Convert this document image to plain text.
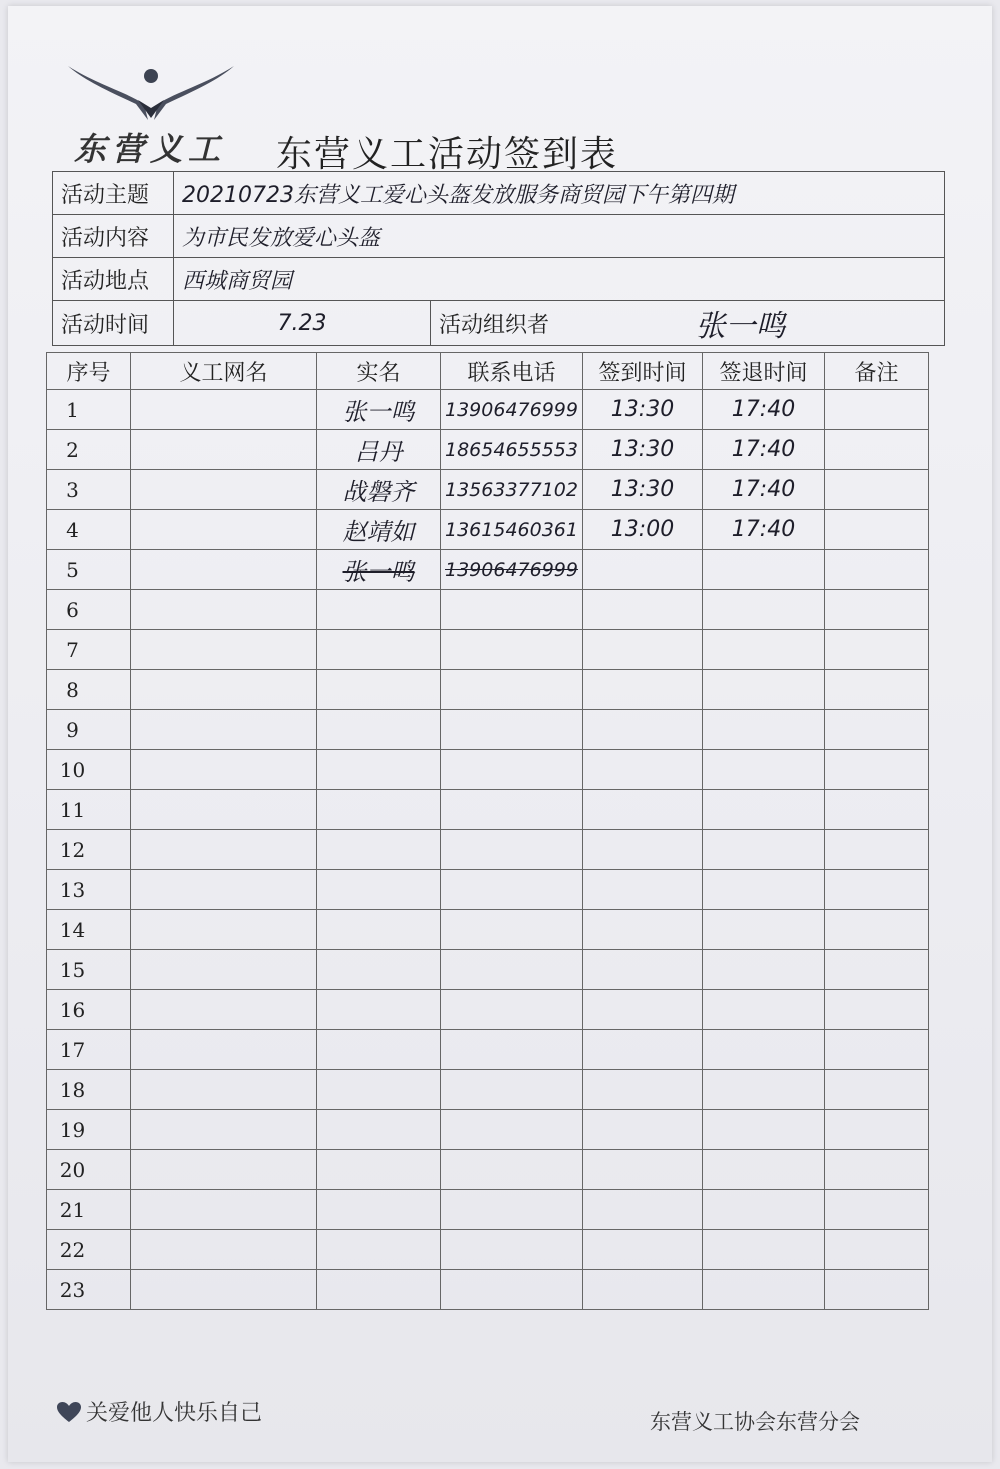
东营义工 东营义工活动签到表
活动主题	20210723东营义工爱心头盔发放服务商贸园下午第四期		
活动内容	为市民发放爱心头盔		
活动地点	西城商贸园		
活动时间	7.23	活动组织者	张一鸣
序号	义工网名	实名	联系电话	签到时间	签退时间	备注
1		张一鸣	13906476999	13:30	17:40	
2		吕丹	18654655553	13:30	17:40	
3		战磐齐	13563377102	13:30	17:40	
4		赵靖如	13615460361	13:00	17:40	
5		张一鸣	13906476999			
6						
7						
8						
9						
10						
11						
12						
13						
14						
15						
16						
17						
18						
19						
20						
21						
22						
23						
关爱他人快乐自己	东营义工协会东营分会
